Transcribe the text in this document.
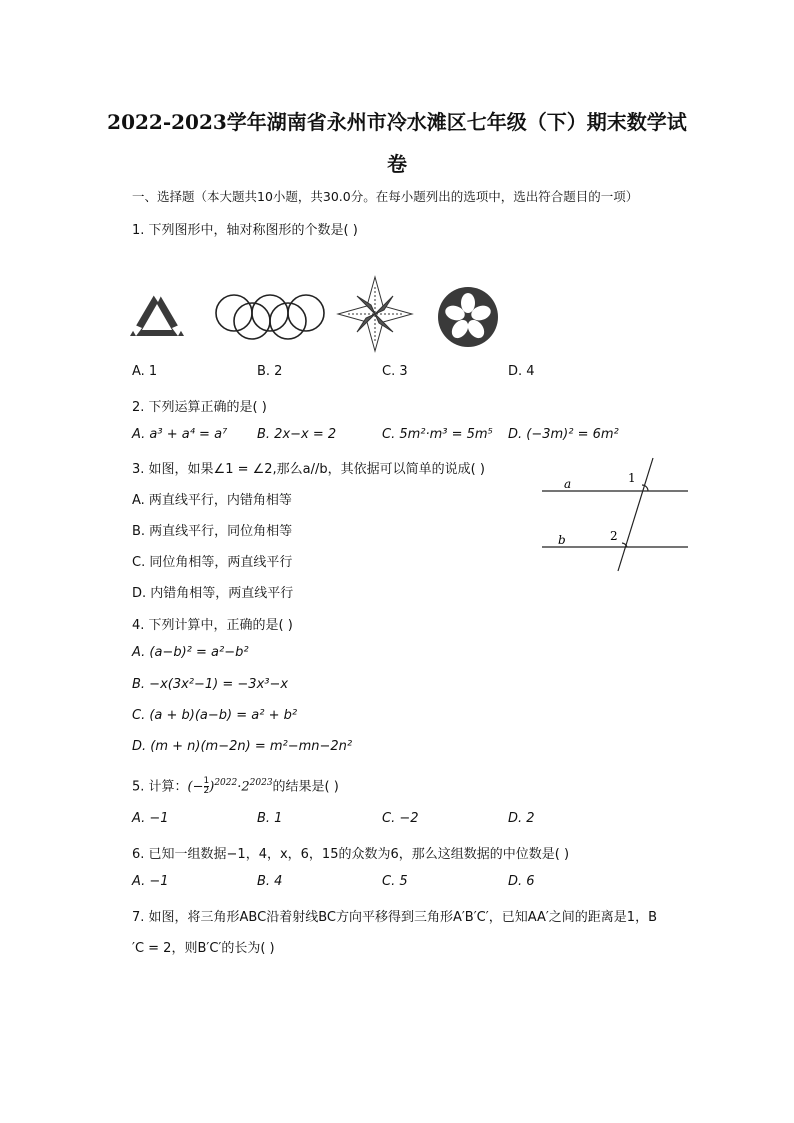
2022-2023学年湖南省永州市冷水滩区七年级（下）期末数学试
卷
一、选择题（本大题共10小题，共30.0分。在每小题列出的选项中，选出符合题目的一项）
1. 下列图形中，轴对称图形的个数是( )
A. 1	B. 2	C. 3	D. 4
2. 下列运算正确的是( )
A. a³ + a⁴ = a⁷ B. 2x−x = 2	C. 5m²·m³ = 5m⁵ D. (−3m)² = 6m²
3. 如图，如果∠1 = ∠2,那么a//b，其依据可以简单的说成( )
A. 两直线平行，内错角相等
B. 两直线平行，同位角相等
C. 同位角相等，两直线平行
D. 内错角相等，两直线平行
a
b
1
2
4. 下列计算中，正确的是( )
A. (a−b)² = a²−b²
B. −x(3x²−1) = −3x³−x
C. (a + b)(a−b) = a² + b²
D. (m + n)(m−2n) = m²−mn−2n²
5. 计算：(− $\frac{1}{2} )^{2022}\cdot 2^{2023}$的结果是( )
A. −1	B. 1	C. −2	D. 2
6. 已知一组数据−1，4，x，6，15的众数为6，那么这组数据的中位数是( )
A. −1	B. 4	C. 5	D. 6
7. 如图，将三角形ABC沿着射线BC方向平移得到三角形A′B′C′，已知AA′之间的距离是1，B
′C = 2，则B′C′的长为( )
